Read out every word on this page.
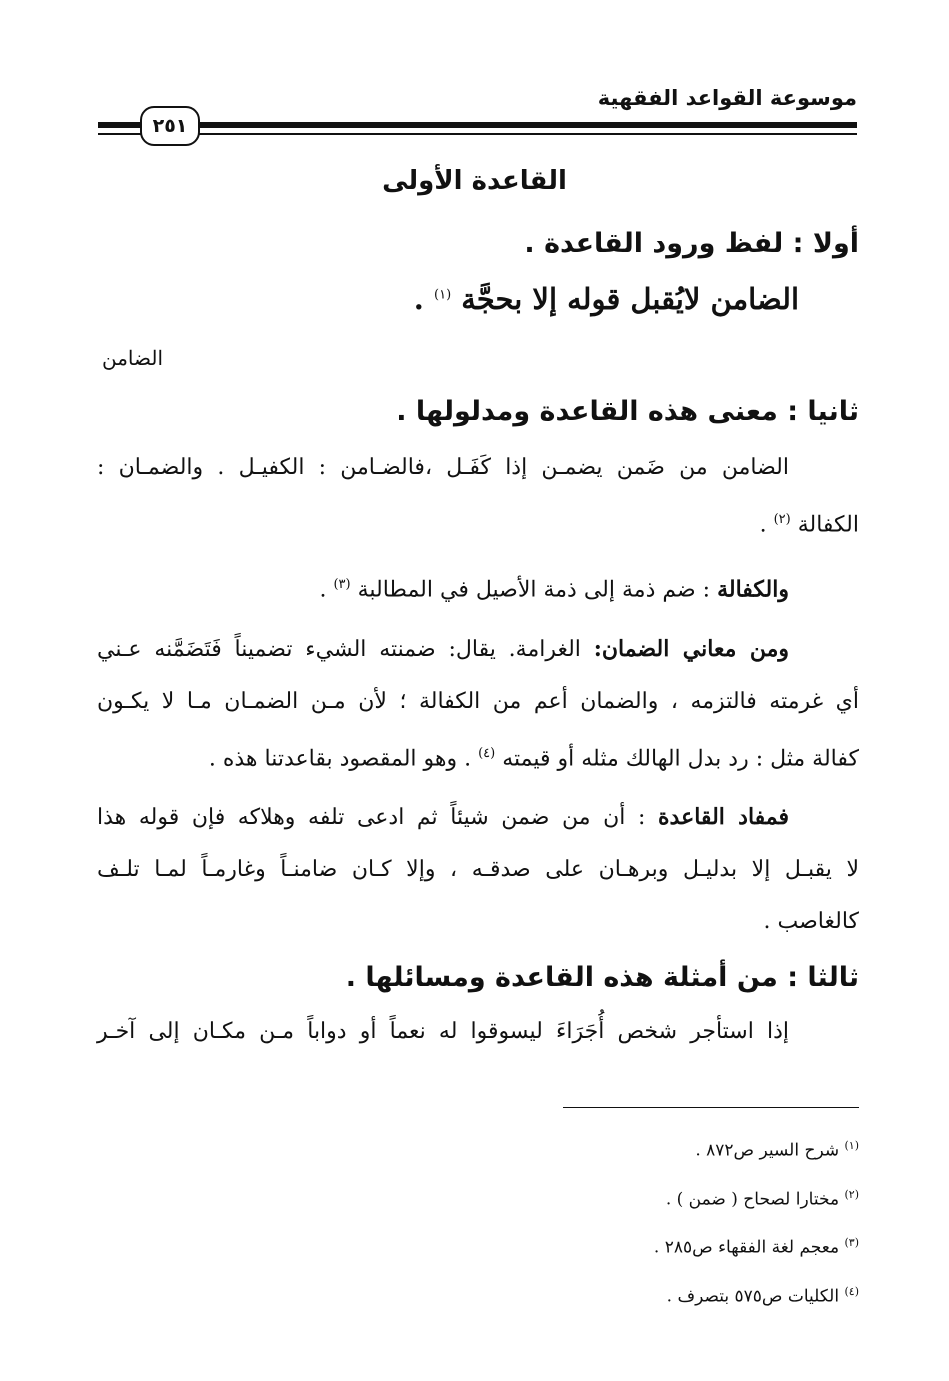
موسوعة القواعد الفقهية
٢٥١
القاعدة الأولى
أولا : لفظ ورود القاعدة .
الضامن لايُقبل قوله إلا بحجَّة $^{(١)}$ .
الضامن
ثانيا : معنى هذه القاعدة ومدلولها .

الضامن من ضَمن يضمـن إذا كَفَـل ،فالضـامن : الكفيـل . والضمـان :

الكفالة $^{(٢)}$ .

والكفالة : ضم ذمة إلى ذمة الأصيل في المطالبة $^{(٣)}$ .

ومن معاني الضمان: الغرامة. يقال: ضمنته الشيء تضميناً فَتَضَمَّنه عـني

أي غرمته فالتزمه ، والضمان أعم من الكفالة ؛ لأن مـن الضمـان مـا لا يكـون

كفالة مثل : رد بدل الهالك مثله أو قيمته $^{(٤)}$ . وهو المقصود بقاعدتنا هذه .

فمفاد القاعدة : أن من ضمن شيئاً ثم ادعى تلفه وهلاكه فإن قوله هذا

لا يقبـل إلا بدليـل وبرهـان على صدقـه ، وإلا كـان ضامنـاً وغارمـاً لمـا تلـف

كالغاصب .

ثالثا : من أمثلة هذه القاعدة ومسائلها .

إذا استأجر شخص أُجَرَاءَ ليسوقوا له نعماً أو دواباً مـن مكـان إلى آخـر

$^{(١)}$ شرح السير ص٨٧٢ .
$^{(٢)}$ مختارا لصحاح ( ضمن ) .
$^{(٣)}$ معجم لغة الفقهاء ص٢٨٥ .
$^{(٤)}$ الكليات ص٥٧٥ بتصرف .
